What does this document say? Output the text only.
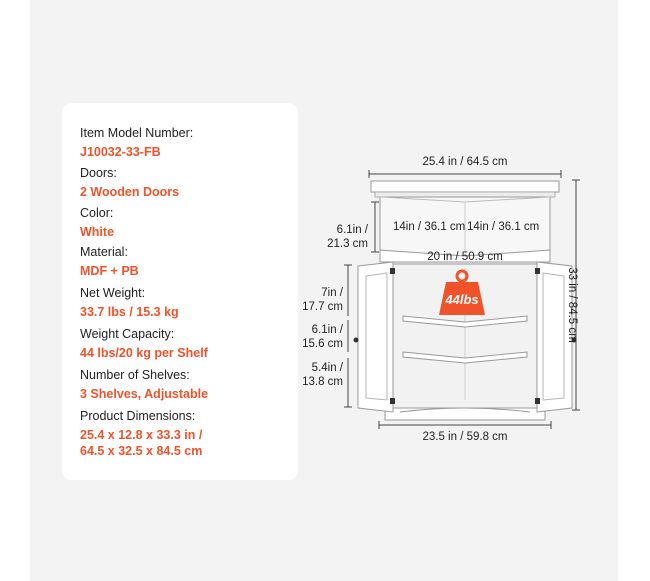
Item Model Number:
J10032-33-FB
Doors:
2 Wooden Doors
Color:
White
Material:
MDF + PB
Net Weight:
33.7 lbs / 15.3 kg
Weight Capacity:
44 lbs/20 kg per Shelf
Number of Shelves:
3 Shelves, Adjustable
Product Dimensions:
25.4 x 12.8 x 33.3 in /
64.5 x 32.5 x 84.5 cm
44lbs
25.4 in / 64.5 cm
6.1in /
21.3 cm
14in / 36.1 cm 14in / 36.1 cm
20 in / 50.9 cm
7in /
17.7 cm
6.1in /
15.6 cm
5.4in /
13.8 cm
23.5 in / 59.8 cm
33 in / 84.5 cm
